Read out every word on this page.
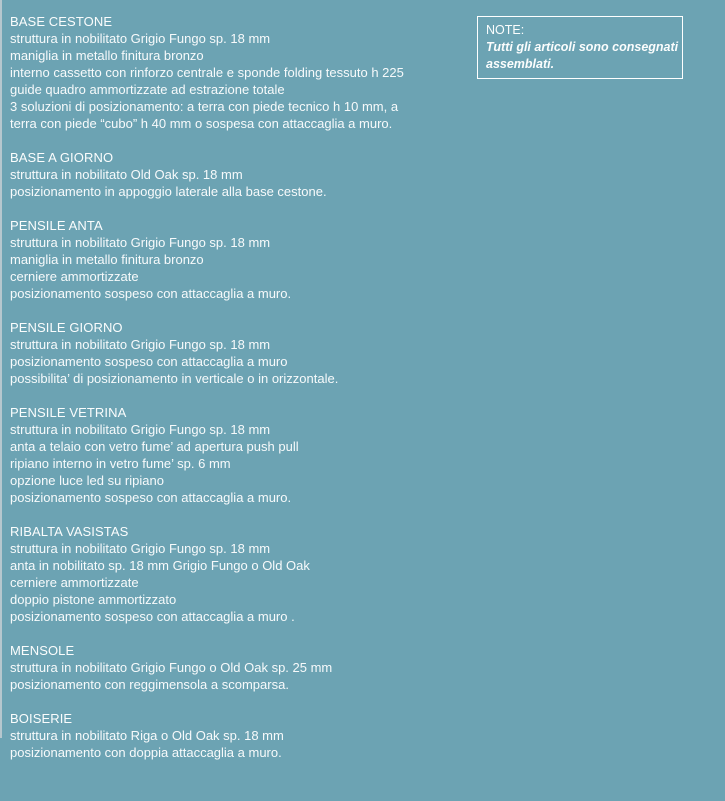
BASE CESTONE
struttura in nobilitato Grigio Fungo sp. 18 mm
maniglia in metallo finitura bronzo
interno cassetto con rinforzo centrale e sponde folding tessuto h 225
guide quadro ammortizzate ad estrazione totale
3 soluzioni di posizionamento: a terra con piede tecnico h 10 mm, a
terra con piede “cubo” h 40 mm o sospesa con attaccaglia a muro.
BASE A GIORNO
struttura in nobilitato Old Oak sp. 18 mm
posizionamento in appoggio laterale alla base cestone.
PENSILE ANTA
struttura in nobilitato Grigio Fungo sp. 18 mm
maniglia in metallo finitura bronzo
cerniere ammortizzate
posizionamento sospeso con attaccaglia a muro.
PENSILE GIORNO
struttura in nobilitato Grigio Fungo sp. 18 mm
posizionamento sospeso con attaccaglia a muro
possibilita’ di posizionamento in verticale o in orizzontale.
PENSILE VETRINA
struttura in nobilitato Grigio Fungo sp. 18 mm
anta a telaio con vetro fume’ ad apertura push pull
ripiano interno in vetro fume’ sp. 6 mm
opzione luce led su ripiano
posizionamento sospeso con attaccaglia a muro.
RIBALTA VASISTAS
struttura in nobilitato Grigio Fungo sp. 18 mm
anta in nobilitato sp. 18 mm Grigio Fungo o Old Oak
cerniere ammortizzate
doppio pistone ammortizzato
posizionamento sospeso con attaccaglia a muro .
MENSOLE
struttura in nobilitato Grigio Fungo o Old Oak sp. 25 mm
posizionamento con reggimensola a scomparsa.
BOISERIE
struttura in nobilitato Riga o Old Oak sp. 18 mm
posizionamento con doppia attaccaglia a muro.
NOTE:
Tutti gli articoli sono consegnati
assemblati.
